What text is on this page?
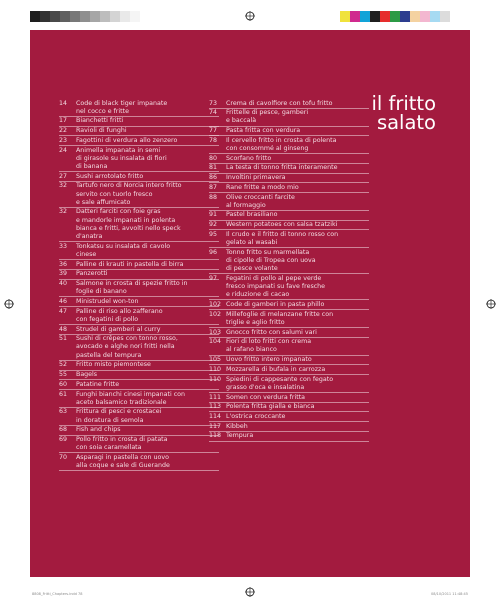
14	Code di black tiger impanate
nel cocco e fritte
17	Bianchetti fritti
22	Ravioli di funghi
23	Fagottini di verdura allo zenzero
24	Animella impanata in semi
di girasole su insalata di fiori
di banana
27	Sushi arrotolato fritto
32	Tartufo nero di Norcia intero fritto
servito con tuorlo fresco
e sale affumicato
32	Datteri farciti con foie gras
e mandorle impanati in polenta
bianca e fritti, avvolti nello speck
d'anatra
33	Tonkatsu su insalata di cavolo
cinese
36	Palline di krauti in pastella di birra
39	Panzerotti
40	Salmone in crosta di spezie fritto in
foglie di banano
46	Ministrudel won-ton
47	Palline di riso allo zafferano
con fegatini di pollo
48	Strudel di gamberi al curry
51	Sushi di crêpes con tonno rosso,
avocado e alghe nori fritti nella
pastella del tempura
52	Fritto misto piemontese
55	Bagels
60	Patatine fritte
61	Funghi bianchi cinesi impanati con
aceto balsamico tradizionale
63	Frittura di pesci e crostacei
in doratura di semola
68	Fish and chips
69	Pollo fritto in crosta di patata
con soia caramellata
70	Asparagi in pastella con uovo
alla coque e sale di Guerande
73	Crema di cavolfiore con tofu fritto
74	Frittelle di pesce, gamberi
e baccalà
77	Pasta fritta con verdura
78	Il cervello fritto in crosta di polenta
con consommé al ginseng
80	Scorfano fritto
81	La testa di tonno fritta interamente
86	Involtini primavera
87	Rane fritte a modo mio
88	Olive croccanti farcite
al formaggio
91	Pastel brasiliano
92	Western potatoes con salsa tzatziki
95	Il crudo e il fritto di tonno rosso con
gelato al wasabi
96	Tonno fritto su marmellata
di cipolle di Tropea con uova
di pesce volante
97	Fegatini di pollo al pepe verde
fresco impanati su fave fresche
e riduzione di cacao
102 Code di gamberi in pasta phillo
102 Millefoglie di melanzane fritte con
triglie e aglio fritto
103 Gnocco fritto con salumi vari
104 Fiori di loto fritti con crema
al rafano bianco
105 Uovo fritto intero impanato
110 Mozzarella di bufala in carrozza
110 Spiedini di cappesante con fegato
grasso d'oca e insalatina
111 Somen con verdura fritta
113 Polenta fritta gialla e bianca
114 L'ostrica croccante
117 Kibbeh
118 Tempura
il fritto
salato
8808_Fritti_Chapters.indd 78	08/10/2011 11:48:45
